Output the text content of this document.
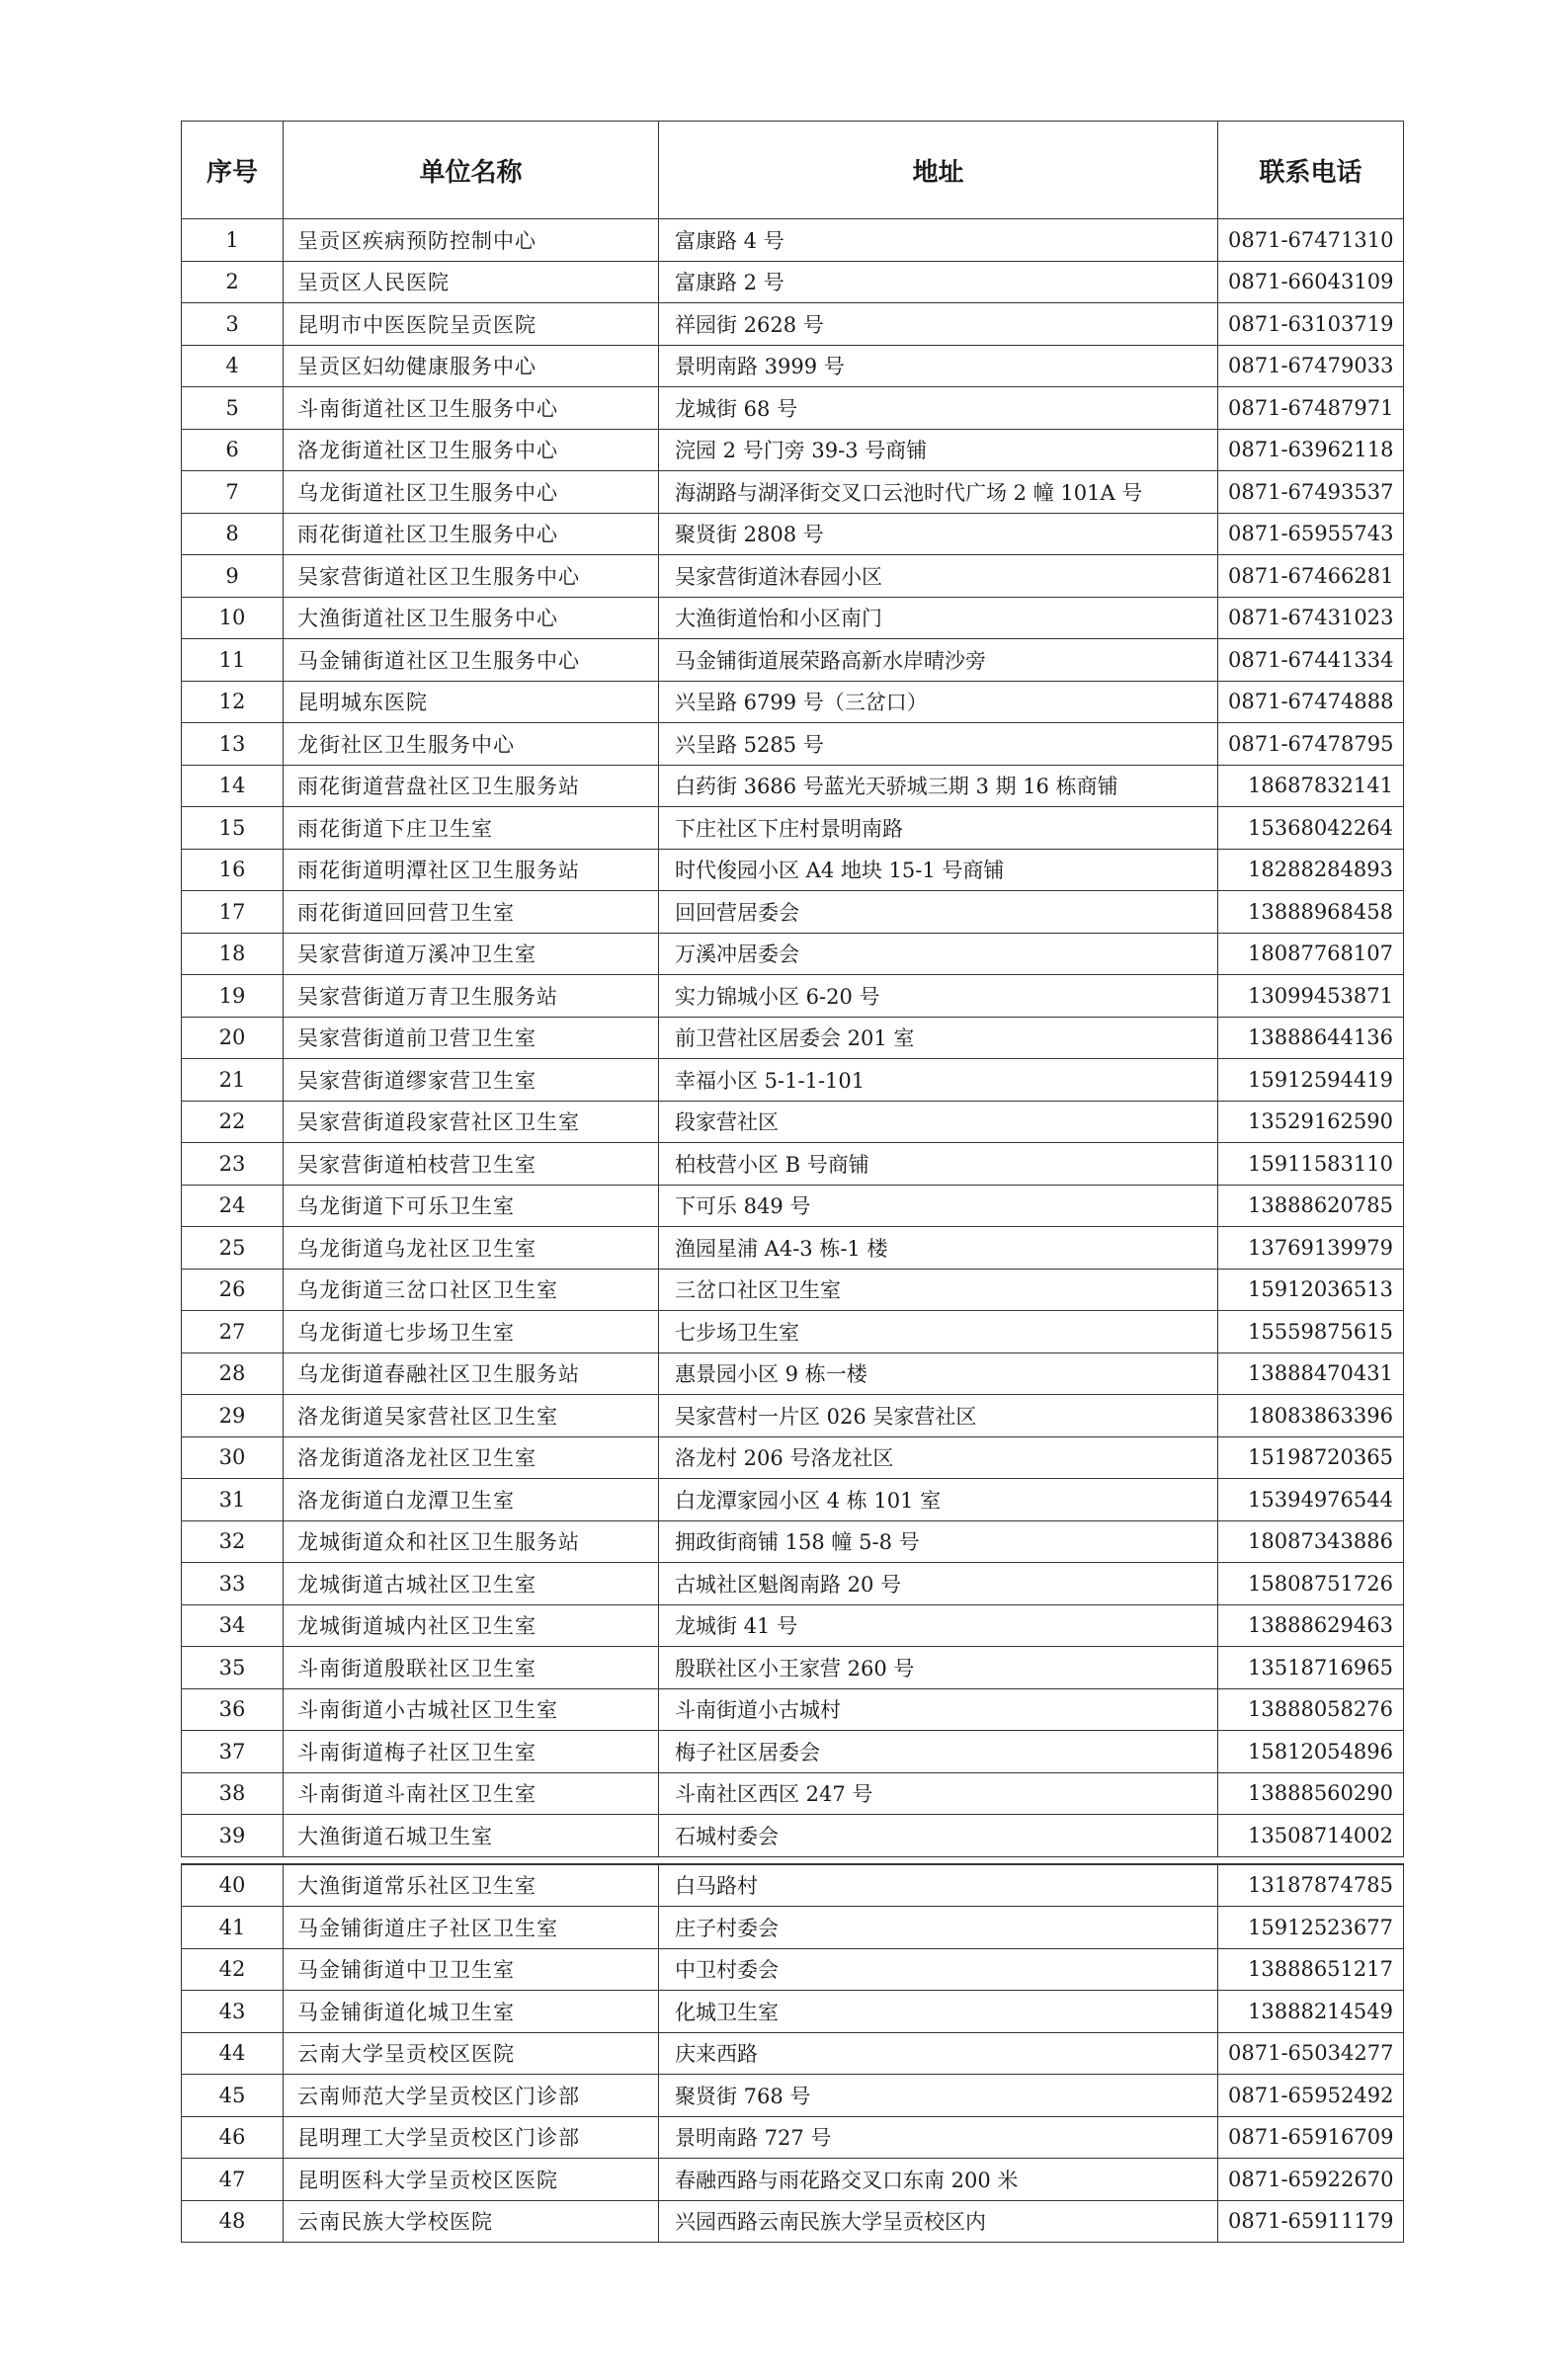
序号	单位名称	地址	联系电话
1	呈贡区疾病预防控制中心	富康路 4 号	0871-67471310
2	呈贡区人民医院	富康路 2 号	0871-66043109
3	昆明市中医医院呈贡医院	祥园街 2628 号	0871-63103719
4	呈贡区妇幼健康服务中心	景明南路 3999 号	0871-67479033
5	斗南街道社区卫生服务中心	龙城街 68 号	0871-67487971
6	洛龙街道社区卫生服务中心	浣园 2 号门旁 39-3 号商铺	0871-63962118
7	乌龙街道社区卫生服务中心	海湖路与湖泽街交叉口云池时代广场 2 幢 101A 号	0871-67493537
8	雨花街道社区卫生服务中心	聚贤街 2808 号	0871-65955743
9	吴家营街道社区卫生服务中心	吴家营街道沐春园小区	0871-67466281
10	大渔街道社区卫生服务中心	大渔街道怡和小区南门	0871-67431023
11	马金铺街道社区卫生服务中心	马金铺街道展荣路高新水岸晴沙旁	0871-67441334
12	昆明城东医院	兴呈路 6799 号（三岔口）	0871-67474888
13	龙街社区卫生服务中心	兴呈路 5285 号	0871-67478795
14	雨花街道营盘社区卫生服务站	白药街 3686 号蓝光天骄城三期 3 期 16 栋商铺	18687832141
15	雨花街道下庄卫生室	下庄社区下庄村景明南路	15368042264
16	雨花街道明潭社区卫生服务站	时代俊园小区 A4 地块 15-1 号商铺	18288284893
17	雨花街道回回营卫生室	回回营居委会	13888968458
18	吴家营街道万溪冲卫生室	万溪冲居委会	18087768107
19	吴家营街道万青卫生服务站	实力锦城小区 6-20 号	13099453871
20	吴家营街道前卫营卫生室	前卫营社区居委会 201 室	13888644136
21	吴家营街道缪家营卫生室	幸福小区 5-1-1-101	15912594419
22	吴家营街道段家营社区卫生室	段家营社区	13529162590
23	吴家营街道柏枝营卫生室	柏枝营小区 B 号商铺	15911583110
24	乌龙街道下可乐卫生室	下可乐 849 号	13888620785
25	乌龙街道乌龙社区卫生室	渔园星浦 A4-3 栋-1 楼	13769139979
26	乌龙街道三岔口社区卫生室	三岔口社区卫生室	15912036513
27	乌龙街道七步场卫生室	七步场卫生室	15559875615
28	乌龙街道春融社区卫生服务站	惠景园小区 9 栋一楼	13888470431
29	洛龙街道吴家营社区卫生室	吴家营村一片区 026 吴家营社区	18083863396
30	洛龙街道洛龙社区卫生室	洛龙村 206 号洛龙社区	15198720365
31	洛龙街道白龙潭卫生室	白龙潭家园小区 4 栋 101 室	15394976544
32	龙城街道众和社区卫生服务站	拥政街商铺 158 幢 5-8 号	18087343886
33	龙城街道古城社区卫生室	古城社区魁阁南路 20 号	15808751726
34	龙城街道城内社区卫生室	龙城街 41 号	13888629463
35	斗南街道殷联社区卫生室	殷联社区小王家营 260 号	13518716965
36	斗南街道小古城社区卫生室	斗南街道小古城村	13888058276
37	斗南街道梅子社区卫生室	梅子社区居委会	15812054896
38	斗南街道斗南社区卫生室	斗南社区西区 247 号	13888560290
39	大渔街道石城卫生室	石城村委会	13508714002

40	大渔街道常乐社区卫生室	白马路村	13187874785
41	马金铺街道庄子社区卫生室	庄子村委会	15912523677
42	马金铺街道中卫卫生室	中卫村委会	13888651217
43	马金铺街道化城卫生室	化城卫生室	13888214549
44	云南大学呈贡校区医院	庆来西路	0871-65034277
45	云南师范大学呈贡校区门诊部	聚贤街 768 号	0871-65952492
46	昆明理工大学呈贡校区门诊部	景明南路 727 号	0871-65916709
47	昆明医科大学呈贡校区医院	春融西路与雨花路交叉口东南 200 米	0871-65922670
48	云南民族大学校医院	兴园西路云南民族大学呈贡校区内	0871-65911179
